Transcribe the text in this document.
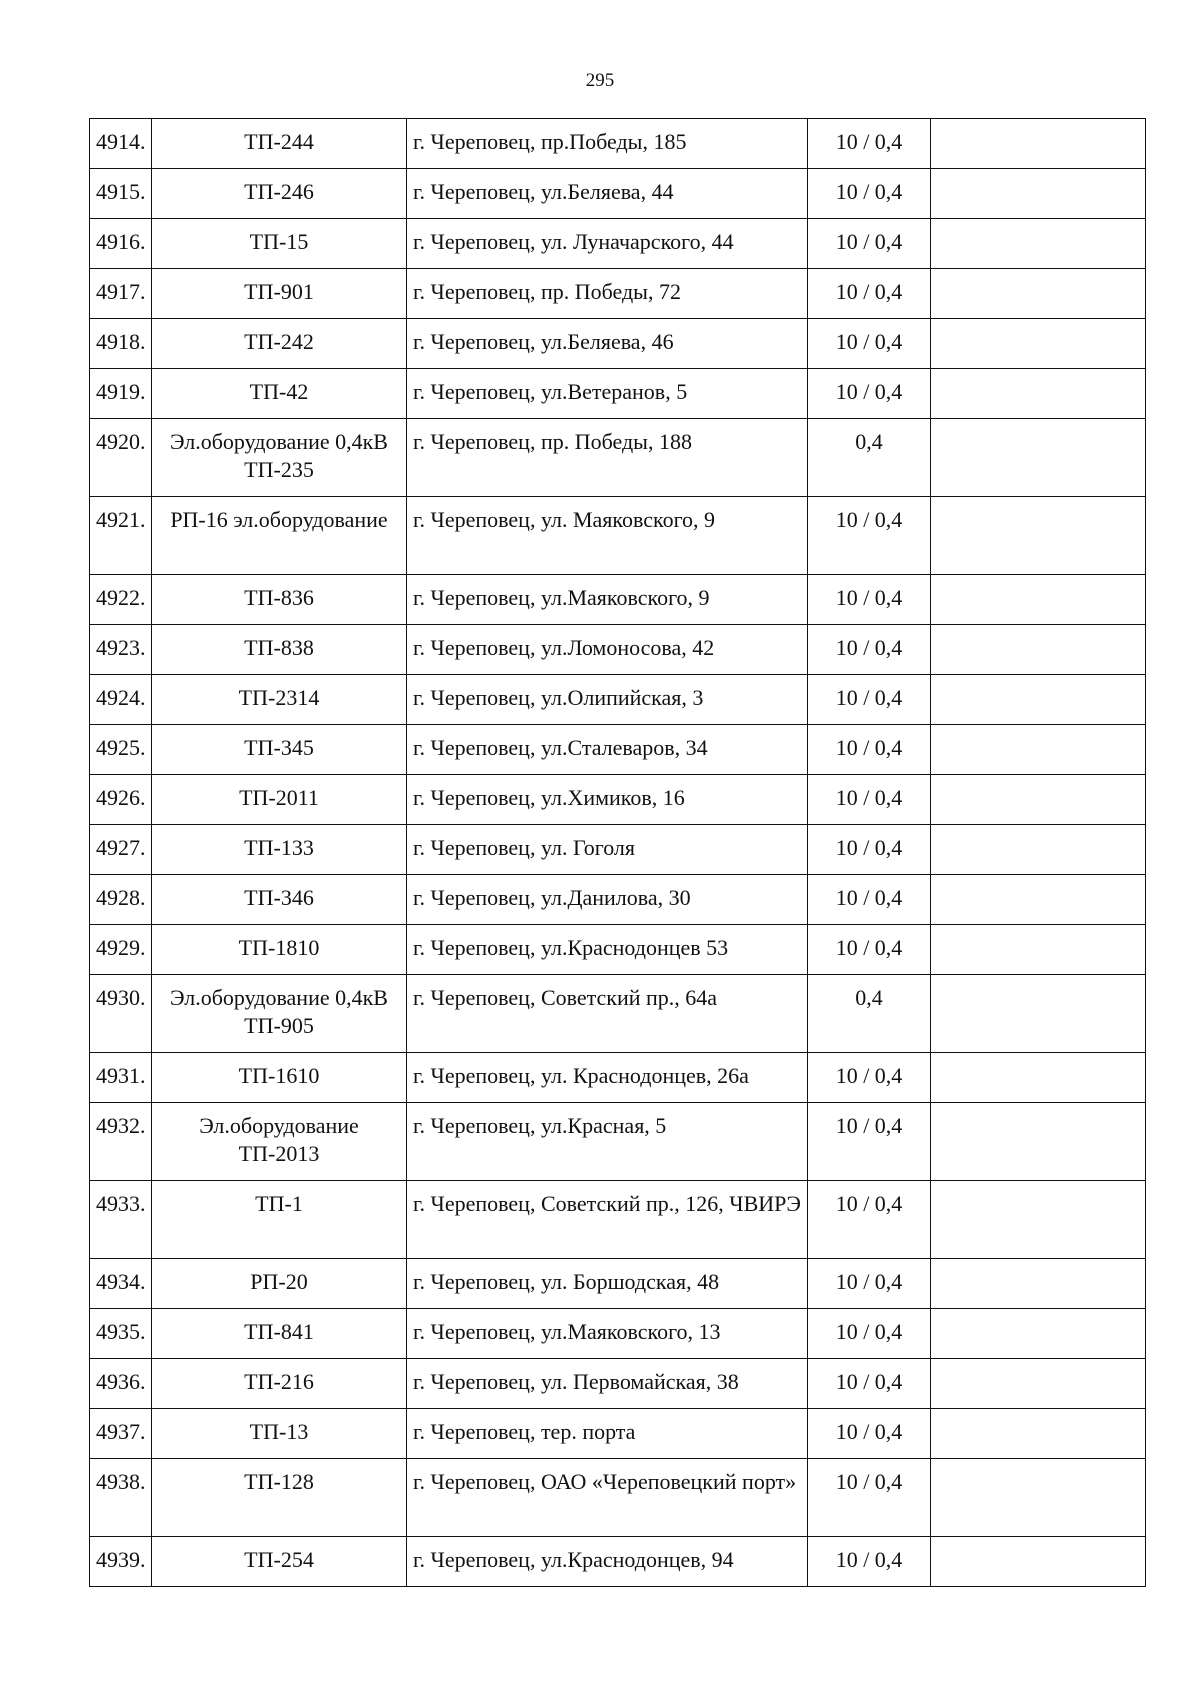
295
4914.	ТП-244	г. Череповец, пр.Победы, 185	10 / 0,4	
4915.	ТП-246	г. Череповец, ул.Беляева, 44	10 / 0,4	
4916.	ТП-15	г. Череповец, ул. Луначарского, 44	10 / 0,4	
4917.	ТП-901	г. Череповец, пр. Победы, 72	10 / 0,4	
4918.	ТП-242	г. Череповец, ул.Беляева, 46	10 / 0,4	
4919.	ТП-42	г. Череповец, ул.Ветеранов, 5	10 / 0,4	
4920.	Эл.оборудование 0,4кВ ТП-235	г. Череповец, пр. Победы, 188	0,4	
4921.	РП-16 эл.оборудование	г. Череповец, ул. Маяковского, 9	10 / 0,4	
4922.	ТП-836	г. Череповец, ул.Маяковского, 9	10 / 0,4	
4923.	ТП-838	г. Череповец, ул.Ломоносова, 42	10 / 0,4	
4924.	ТП-2314	г. Череповец, ул.Олипийская, 3	10 / 0,4	
4925.	ТП-345	г. Череповец, ул.Сталеваров, 34	10 / 0,4	
4926.	ТП-2011	г. Череповец, ул.Химиков, 16	10 / 0,4	
4927.	ТП-133	г. Череповец, ул. Гоголя	10 / 0,4	
4928.	ТП-346	г. Череповец, ул.Данилова, 30	10 / 0,4	
4929.	ТП-1810	г. Череповец, ул.Краснодонцев 53	10 / 0,4	
4930.	Эл.оборудование 0,4кВ ТП-905	г. Череповец, Советский пр., 64а	0,4	
4931.	ТП-1610	г. Череповец, ул. Краснодонцев, 26а	10 / 0,4	
4932.	Эл.оборудование ТП-2013	г. Череповец, ул.Красная, 5	10 / 0,4	
4933.	ТП-1	г. Череповец, Советский пр., 126, ЧВИРЭ	10 / 0,4	
4934.	РП-20	г. Череповец, ул. Боршодская, 48	10 / 0,4	
4935.	ТП-841	г. Череповец, ул.Маяковского, 13	10 / 0,4	
4936.	ТП-216	г. Череповец, ул. Первомайская, 38	10 / 0,4	
4937.	ТП-13	г. Череповец, тер. порта	10 / 0,4	
4938.	ТП-128	г. Череповец, ОАО «Череповецкий порт»	10 / 0,4	
4939.	ТП-254	г. Череповец, ул.Краснодонцев, 94	10 / 0,4	
